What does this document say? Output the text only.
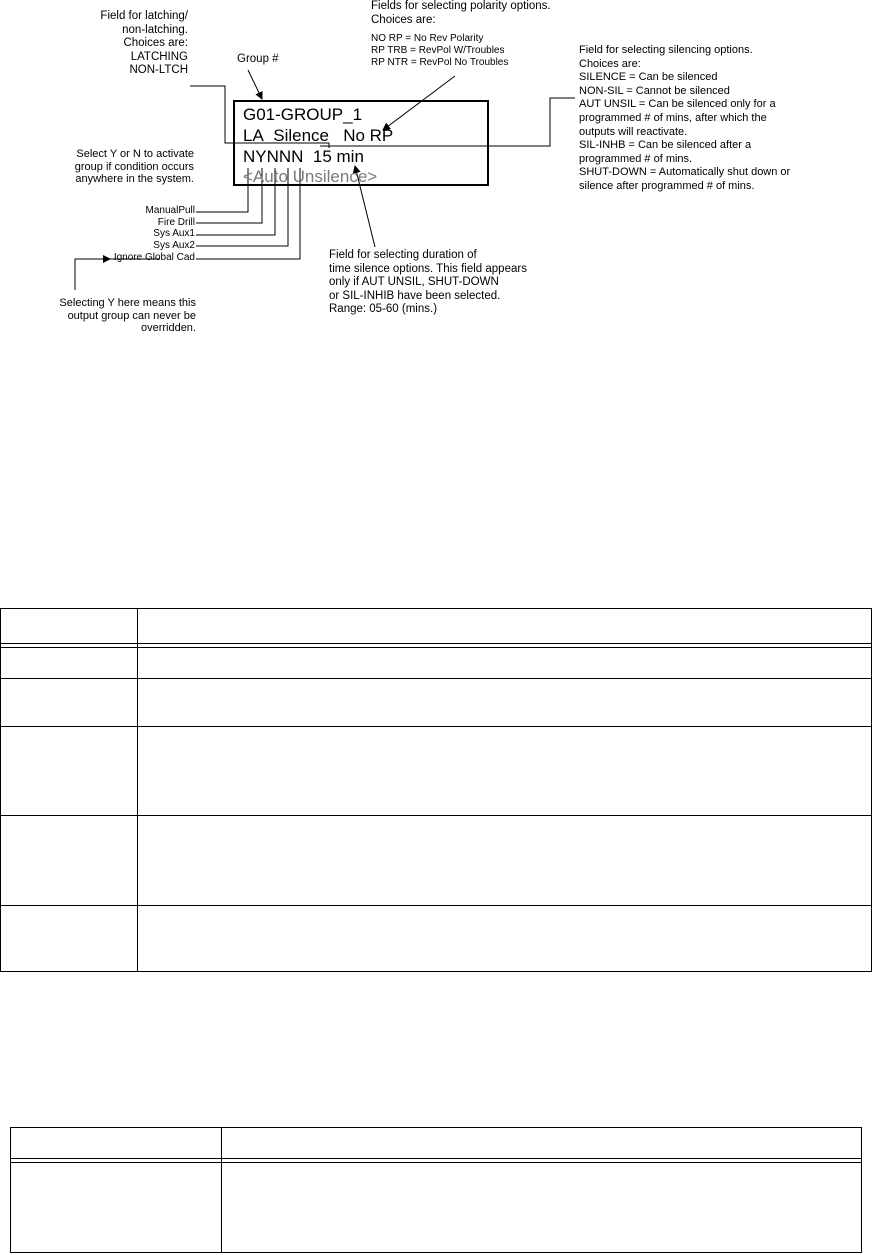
Field for latching/
non-latching.
Choices are:
LATCHING
NON-LTCH
Group #
Fields for selecting polarity options.
Choices are:
NO RP = No Rev Polarity
RP TRB = RevPol W/Troubles
RP NTR = RevPol No Troubles
Field for selecting silencing options.
Choices are:
SILENCE = Can be silenced
NON-SIL = Cannot be silenced
AUT UNSIL = Can be silenced only for a
programmed # of mins, after which the
outputs will reactivate.
SIL-INHB = Can be silenced after a
programmed # of mins.
SHUT-DOWN = Automatically shut down or
silence after programmed # of mins.
G01-GROUP_1
LA Silence No RP
NYNNN  15 min
<Auto Unsilence>
Select Y or N to activate
group if condition occurs
anywhere in the system.
ManualPull
Fire Drill
Sys Aux1
Sys Aux2
Ignore Global Cad	Field for selecting duration of
time silence options. This field appears
only if AUT UNSIL, SHUT-DOWN
or SIL-INHIB have been selected.
Range: 05-60 (mins.)
Selecting Y here means this
output group can never be
overridden.
